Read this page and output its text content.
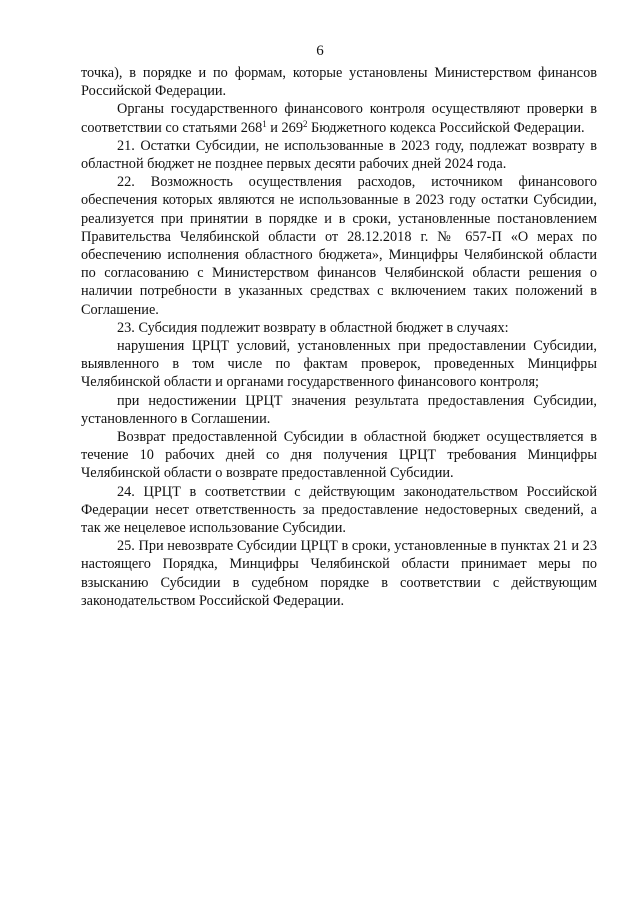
6

точка), в порядке и по формам, которые установлены Министерством финансов Российской Федерации.

Органы государственного финансового контроля осуществляют проверки в соответствии со статьями $268^1$ и $269^2$ Бюджетного кодекса Российской Федерации.

21. Остатки Субсидии, не использованные в 2023 году, подлежат возврату в областной бюджет не позднее первых десяти рабочих дней 2024 года.

22. Возможность осуществления расходов, источником финансового обеспечения которых являются не использованные в 2023 году остатки Субсидии, реализуется при принятии в порядке и в сроки, установленные постановлением Правительства Челябинской области от 28.12.2018 г. № 657-П «О мерах по обеспечению исполнения областного бюджета», Минцифры Челябинской области по согласованию с Министерством финансов Челябинской области решения о наличии потребности в указанных средствах с включением таких положений в Соглашение.

23. Субсидия подлежит возврату в областной бюджет в случаях:

нарушения ЦРЦТ условий, установленных при предоставлении Субсидии, выявленного в том числе по фактам проверок, проведенных Минцифры Челябинской области и органами государственного финансового контроля;

при недостижении ЦРЦТ значения результата предоставления Субсидии, установленного в Соглашении.

Возврат предоставленной Субсидии в областной бюджет осуществляется в течение 10 рабочих дней со дня получения ЦРЦТ требования Минцифры Челябинской области о возврате предоставленной Субсидии.

24. ЦРЦТ в соответствии с действующим законодательством Российской Федерации несет ответственность за предоставление недостоверных сведений, а так же нецелевое использование Субсидии.

25. При невозврате Субсидии ЦРЦТ в сроки, установленные в пунктах 21 и 23 настоящего Порядка, Минцифры Челябинской области принимает меры по взысканию Субсидии в судебном порядке в соответствии с действующим законодательством Российской Федерации.
